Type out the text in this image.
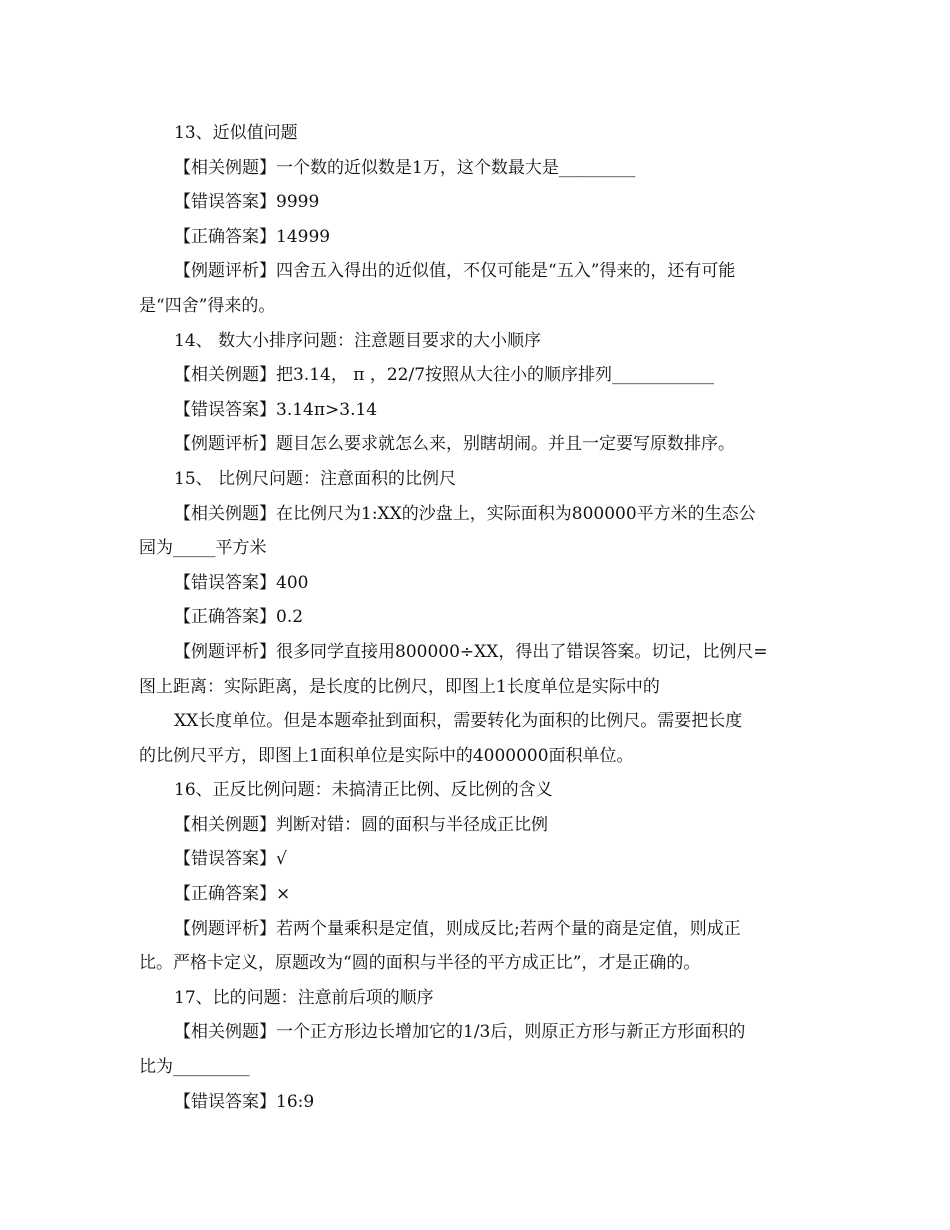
13、近似值问题
【相关例题】一个数的近似数是1万，这个数最大是_________
【错误答案】9999
【正确答案】14999
【例题评析】四舍五入得出的近似值，不仅可能是“五入”得来的，还有可能
是“四舍”得来的。
14、 数大小排序问题：注意题目要求的大小顺序
【相关例题】把3.14， π ，22/7按照从大往小的顺序排列____________
【错误答案】3.14π>3.14
【例题评析】题目怎么要求就怎么来，别瞎胡闹。并且一定要写原数排序。
15、 比例尺问题：注意面积的比例尺
【相关例题】在比例尺为1:XX的沙盘上，实际面积为800000平方米的生态公
园为_____平方米
【错误答案】400
【正确答案】0.2
【例题评析】很多同学直接用800000÷XX，得出了错误答案。切记，比例尺=
图上距离：实际距离，是长度的比例尺，即图上1长度单位是实际中的
XX长度单位。但是本题牵扯到面积，需要转化为面积的比例尺。需要把长度
的比例尺平方，即图上1面积单位是实际中的4000000面积单位。
16、正反比例问题：未搞清正比例、反比例的含义
【相关例题】判断对错：圆的面积与半径成正比例
【错误答案】√
【正确答案】×
【例题评析】若两个量乘积是定值，则成反比;若两个量的商是定值，则成正
比。严格卡定义，原题改为“圆的面积与半径的平方成正比”，才是正确的。
17、比的问题：注意前后项的顺序
【相关例题】一个正方形边长增加它的1/3后，则原正方形与新正方形面积的
比为_________
【错误答案】16:9
